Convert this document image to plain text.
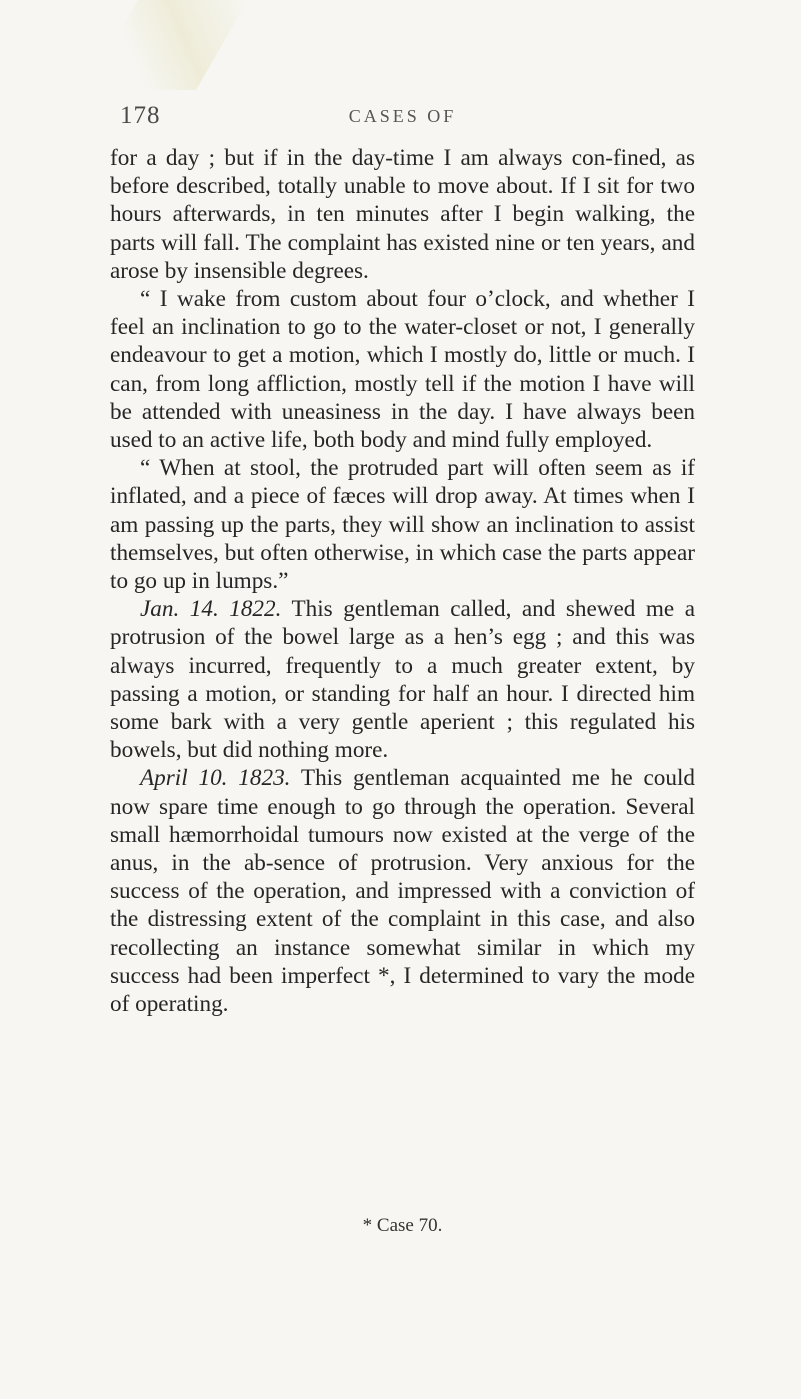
178	CASES OF

for a day ; but if in the day-time I am always con-fined, as before described, totally unable to move about. If I sit for two hours afterwards, in ten minutes after I begin walking, the parts will fall. The complaint has existed nine or ten years, and arose by insensible degrees.

“ I wake from custom about four o’clock, and whether I feel an inclination to go to the water-closet or not, I generally endeavour to get a motion, which I mostly do, little or much. I can, from long affliction, mostly tell if the motion I have will be attended with uneasiness in the day. I have always been used to an active life, both body and mind fully employed.

“ When at stool, the protruded part will often seem as if inflated, and a piece of fæces will drop away. At times when I am passing up the parts, they will show an inclination to assist themselves, but often otherwise, in which case the parts appear to go up in lumps.”

Jan. 14. 1822. This gentleman called, and shewed me a protrusion of the bowel large as a hen’s egg ; and this was always incurred, frequently to a much greater extent, by passing a motion, or standing for half an hour. I directed him some bark with a very gentle aperient ; this regulated his bowels, but did nothing more.

April 10. 1823. This gentleman acquainted me he could now spare time enough to go through the operation. Several small hæmorrhoidal tumours now existed at the verge of the anus, in the ab-sence of protrusion. Very anxious for the success of the operation, and impressed with a conviction of the distressing extent of the complaint in this case, and also recollecting an instance somewhat similar in which my success had been imperfect *, I determined to vary the mode of operating.

* Case 70.
